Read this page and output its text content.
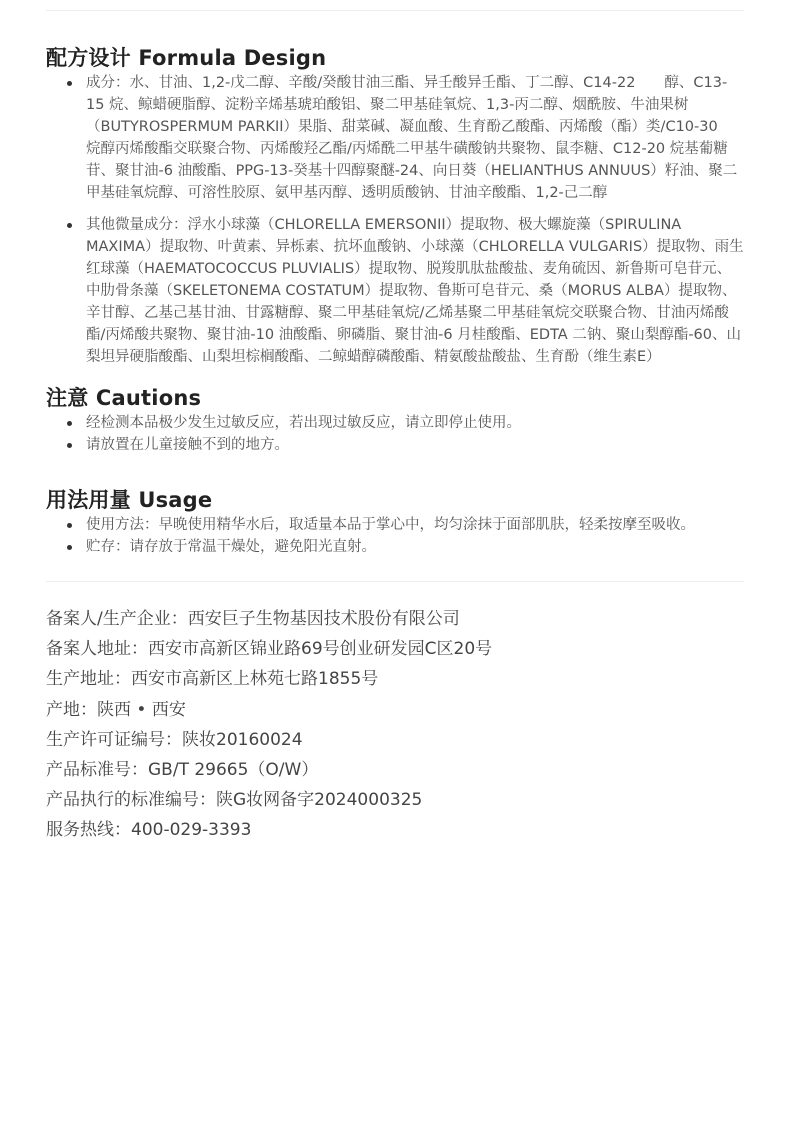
配方设计 Formula Design
成分：水、甘油、1,2-戊二醇、辛酸/癸酸甘油三酯、异壬酸异壬酯、丁二醇、C14-22　　醇、C13-15 烷、鲸蜡硬脂醇、淀粉辛烯基琥珀酸铝、聚二甲基硅氧烷、1,3-丙二醇、烟酰胺、牛油果树（BUTYROSPERMUM PARKII）果脂、甜菜碱、凝血酸、生育酚乙酸酯、丙烯酸（酯）类/C10-30　烷醇丙烯酸酯交联聚合物、丙烯酸羟乙酯/丙烯酰二甲基牛磺酸钠共聚物、鼠李糖、C12-20 烷基葡糖苷、聚甘油-6 油酸酯、PPG-13-癸基十四醇聚醚-24、向日葵（HELIANTHUS ANNUUS）籽油、聚二甲基硅氧烷醇、可溶性胶原、氨甲基丙醇、透明质酸钠、甘油辛酸酯、1,2-己二醇
其他微量成分：浮水小球藻（CHLORELLA EMERSONII）提取物、极大螺旋藻（SPIRULINA MAXIMA）提取物、叶黄素、异栎素、抗坏血酸钠、小球藻（CHLORELLA VULGARIS）提取物、雨生红球藻（HAEMATOCOCCUS PLUVIALIS）提取物、脱羧肌肽盐酸盐、麦角硫因、新鲁斯可皂苷元、中肋骨条藻（SKELETONEMA COSTATUM）提取物、鲁斯可皂苷元、桑（MORUS ALBA）提取物、辛甘醇、乙基己基甘油、甘露糖醇、聚二甲基硅氧烷/乙烯基聚二甲基硅氧烷交联聚合物、甘油丙烯酸酯/丙烯酸共聚物、聚甘油-10 油酸酯、卵磷脂、聚甘油-6 月桂酸酯、EDTA 二钠、聚山梨醇酯-60、山梨坦异硬脂酸酯、山梨坦棕榈酸酯、二鲸蜡醇磷酸酯、精氨酸盐酸盐、生育酚（维生素E）
注意 Cautions
经检测本品极少发生过敏反应，若出现过敏反应，请立即停止使用。
请放置在儿童接触不到的地方。
用法用量 Usage
使用方法：早晚使用精华水后，取适量本品于掌心中，均匀涂抹于面部肌肤，轻柔按摩至吸收。
贮存：请存放于常温干燥处，避免阳光直射。
备案人/生产企业：西安巨子生物基因技术股份有限公司
备案人地址：西安市高新区锦业路69号创业研发园C区20号
生产地址：西安市高新区上林苑七路1855号
产地：陕西 • 西安
生产许可证编号：陕妆20160024
产品标准号：GB/T 29665（O/W）
产品执行的标准编号：陕G妆网备字2024000325
服务热线：400-029-3393
